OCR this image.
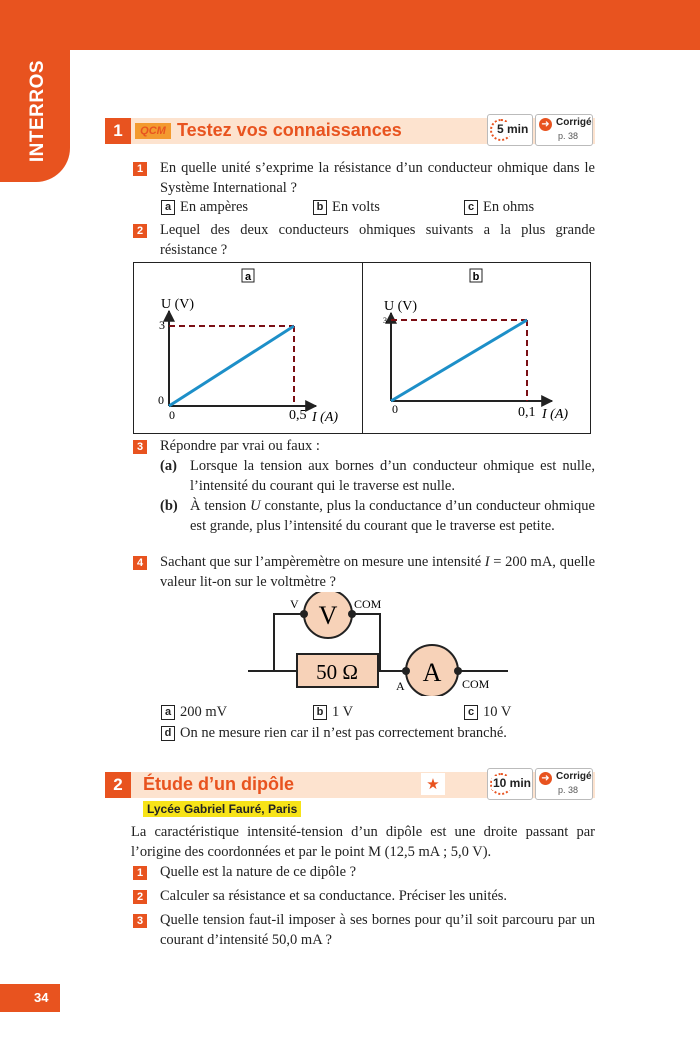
INTERROS	1	QCM Testez vos connaissances	5 min ➜ Corrigé
p. 38
1 En quelle unité s’exprime la résistance d’un conducteur ohmique dans le Système International ?
a En ampères	b En volts	c En ohms
2 Lequel des deux conducteurs ohmiques suivants a la plus grande résistance ?
a	b
U (V)
I (A)
3
0
0	0,5
U (V)
I (A)
3
0	0,1
3 Répondre par vrai ou faux :
(a) Lorsque la tension aux bornes d’un conducteur ohmique est nulle, l’intensité du courant qui le traverse est nulle.
(b) À tension U constante, plus la conductance d’un conducteur ohmique est grande, plus l’intensité du courant que le traverse est petite.
4 Sachant que sur l’ampèremètre on mesure une intensité I = 200 mA, quelle valeur lit-on sur le voltmètre ?
50 Ω
V
V	COM
A
A	COM
a 200 mV	b 1 V	c 10 V
d On ne mesure rien car il n’est pas correctement branché.
2	Étude d’un dipôle	★	10 min ➜ Corrigé
p. 38
Lycée Gabriel Fauré, Paris
La caractéristique intensité-tension d’un dipôle est une droite passant par l’origine des coordonnées et par le point M (12,5 mA ; 5,0 V).
1 Quelle est la nature de ce dipôle ?
2 Calculer sa résistance et sa conductance. Préciser les unités.
3 Quelle tension faut-il imposer à ses bornes pour qu’il soit parcouru par un courant d’intensité 50,0 mA ?
34
